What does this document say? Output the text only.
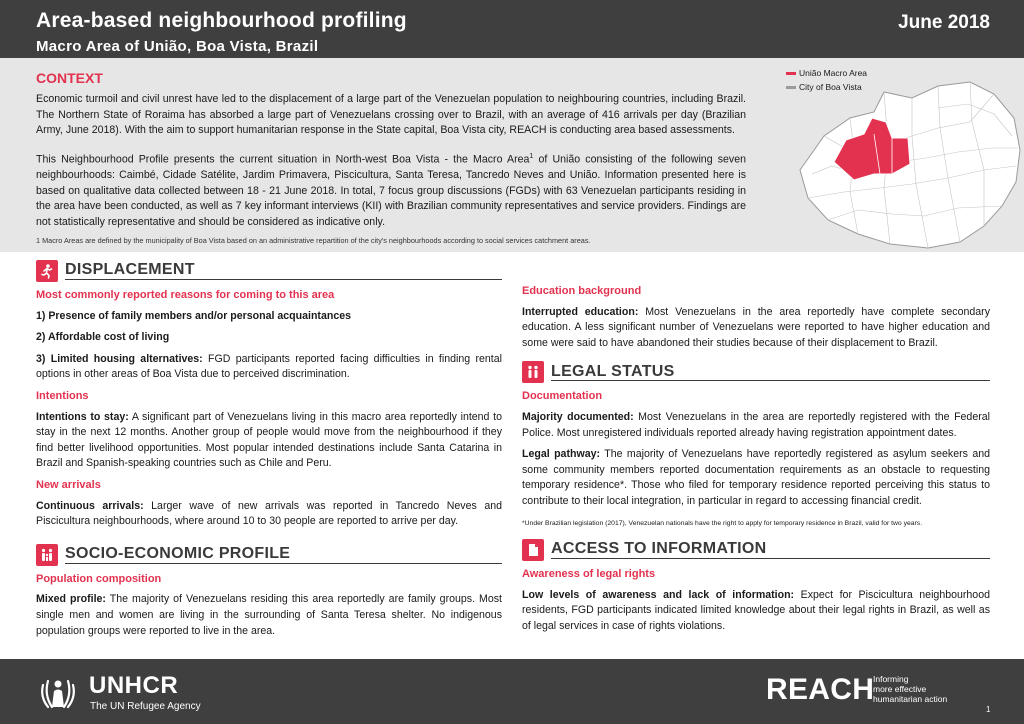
Area-based neighbourhood profiling
Macro Area of União, Boa Vista, Brazil
June 2018
CONTEXT

Economic turmoil and civil unrest have led to the displacement of a large part of the Venezuelan population to neighbouring countries, including Brazil. The Northern State of Roraima has absorbed a large part of Venezuelans crossing over to Brazil, with an average of 416 arrivals per day (Brazilian Army, June 2018). With the aim to support humanitarian response in the State capital, Boa Vista city, REACH is conducting area based assessments.

This Neighbourhood Profile presents the current situation in North-west Boa Vista - the Macro Area$^1$ of União consisting of the following seven neighbourhoods: Caimbé, Cidade Satélite, Jardim Primavera, Piscicultura, Santa Teresa, Tancredo Neves and União. Information presented here is based on qualitative data collected between 18 - 21 June 2018. In total, 7 focus group discussions (FGDs) with 63 Venezuelan participants residing in the area have been conducted, as well as 7 key informant interviews (KII) with Brazilian community representatives and service providers. Findings are not statistically representative and should be considered as indicative only.

1 Macro Areas are defined by the municipality of Boa Vista based on an administrative repartition of the city's neighbourhoods according to social services catchment areas.
União Macro Area
City of Boa Vista
DISPLACEMENT
Most commonly reported reasons for coming to this area

1) Presence of family members and/or personal acquaintances

2) Affordable cost of living

3) Limited housing alternatives: FGD participants reported facing difficulties in finding rental options in other areas of Boa Vista due to perceived discrimination.

Intentions

Intentions to stay: A significant part of Venezuelans living in this macro area reportedly intend to stay in the next 12 months. Another group of people would move from the neighbourhood if they find better livelihood opportunities. Most popular intended destinations include Santa Catarina in Brazil and Spanish-speaking countries such as Chile and Peru.

New arrivals

Continuous arrivals: Larger wave of new arrivals was reported in Tancredo Neves and Piscicultura neighbourhoods, where around 10 to 30 people are reported to arrive per day.

SOCIO-ECONOMIC PROFILE
Population composition

Mixed profile: The majority of Venezuelans residing this area reportedly are family groups. Most single men and women are living in the surrounding of Santa Teresa shelter. No indigenous population groups were reported to live in the area.

Education background

Interrupted education: Most Venezuelans in the area reportedly have complete secondary education. A less significant number of Venezuelans were reported to have higher education and some were said to have abandoned their studies because of their displacement to Brazil.

LEGAL STATUS
Documentation

Majority documented: Most Venezuelans in the area are reportedly registered with the Federal Police. Most unregistered individuals reported already having registration appointment dates.

Legal pathway: The majority of Venezuelans have reportedly registered as asylum seekers and some community members reported documentation requirements as an obstacle to requesting temporary residence*. Those who filed for temporary residence reported perceiving this status to contribute to their local integration, in particular in regard to accessing financial credit.

*Under Brazilian legislation (2017), Venezuelan nationals have the right to apply for temporary residence in Brazil, valid for two years.

ACCESS TO INFORMATION
Awareness of legal rights

Low levels of awareness and lack of information: Expect for Piscicultura neighbourhood residents, FGD participants indicated limited knowledge about their legal rights in Brazil, as well as of legal services in case of rights violations.

UNHCR
The UN Refugee Agency
REACH
Informing
more effective
humanitarian action
1
